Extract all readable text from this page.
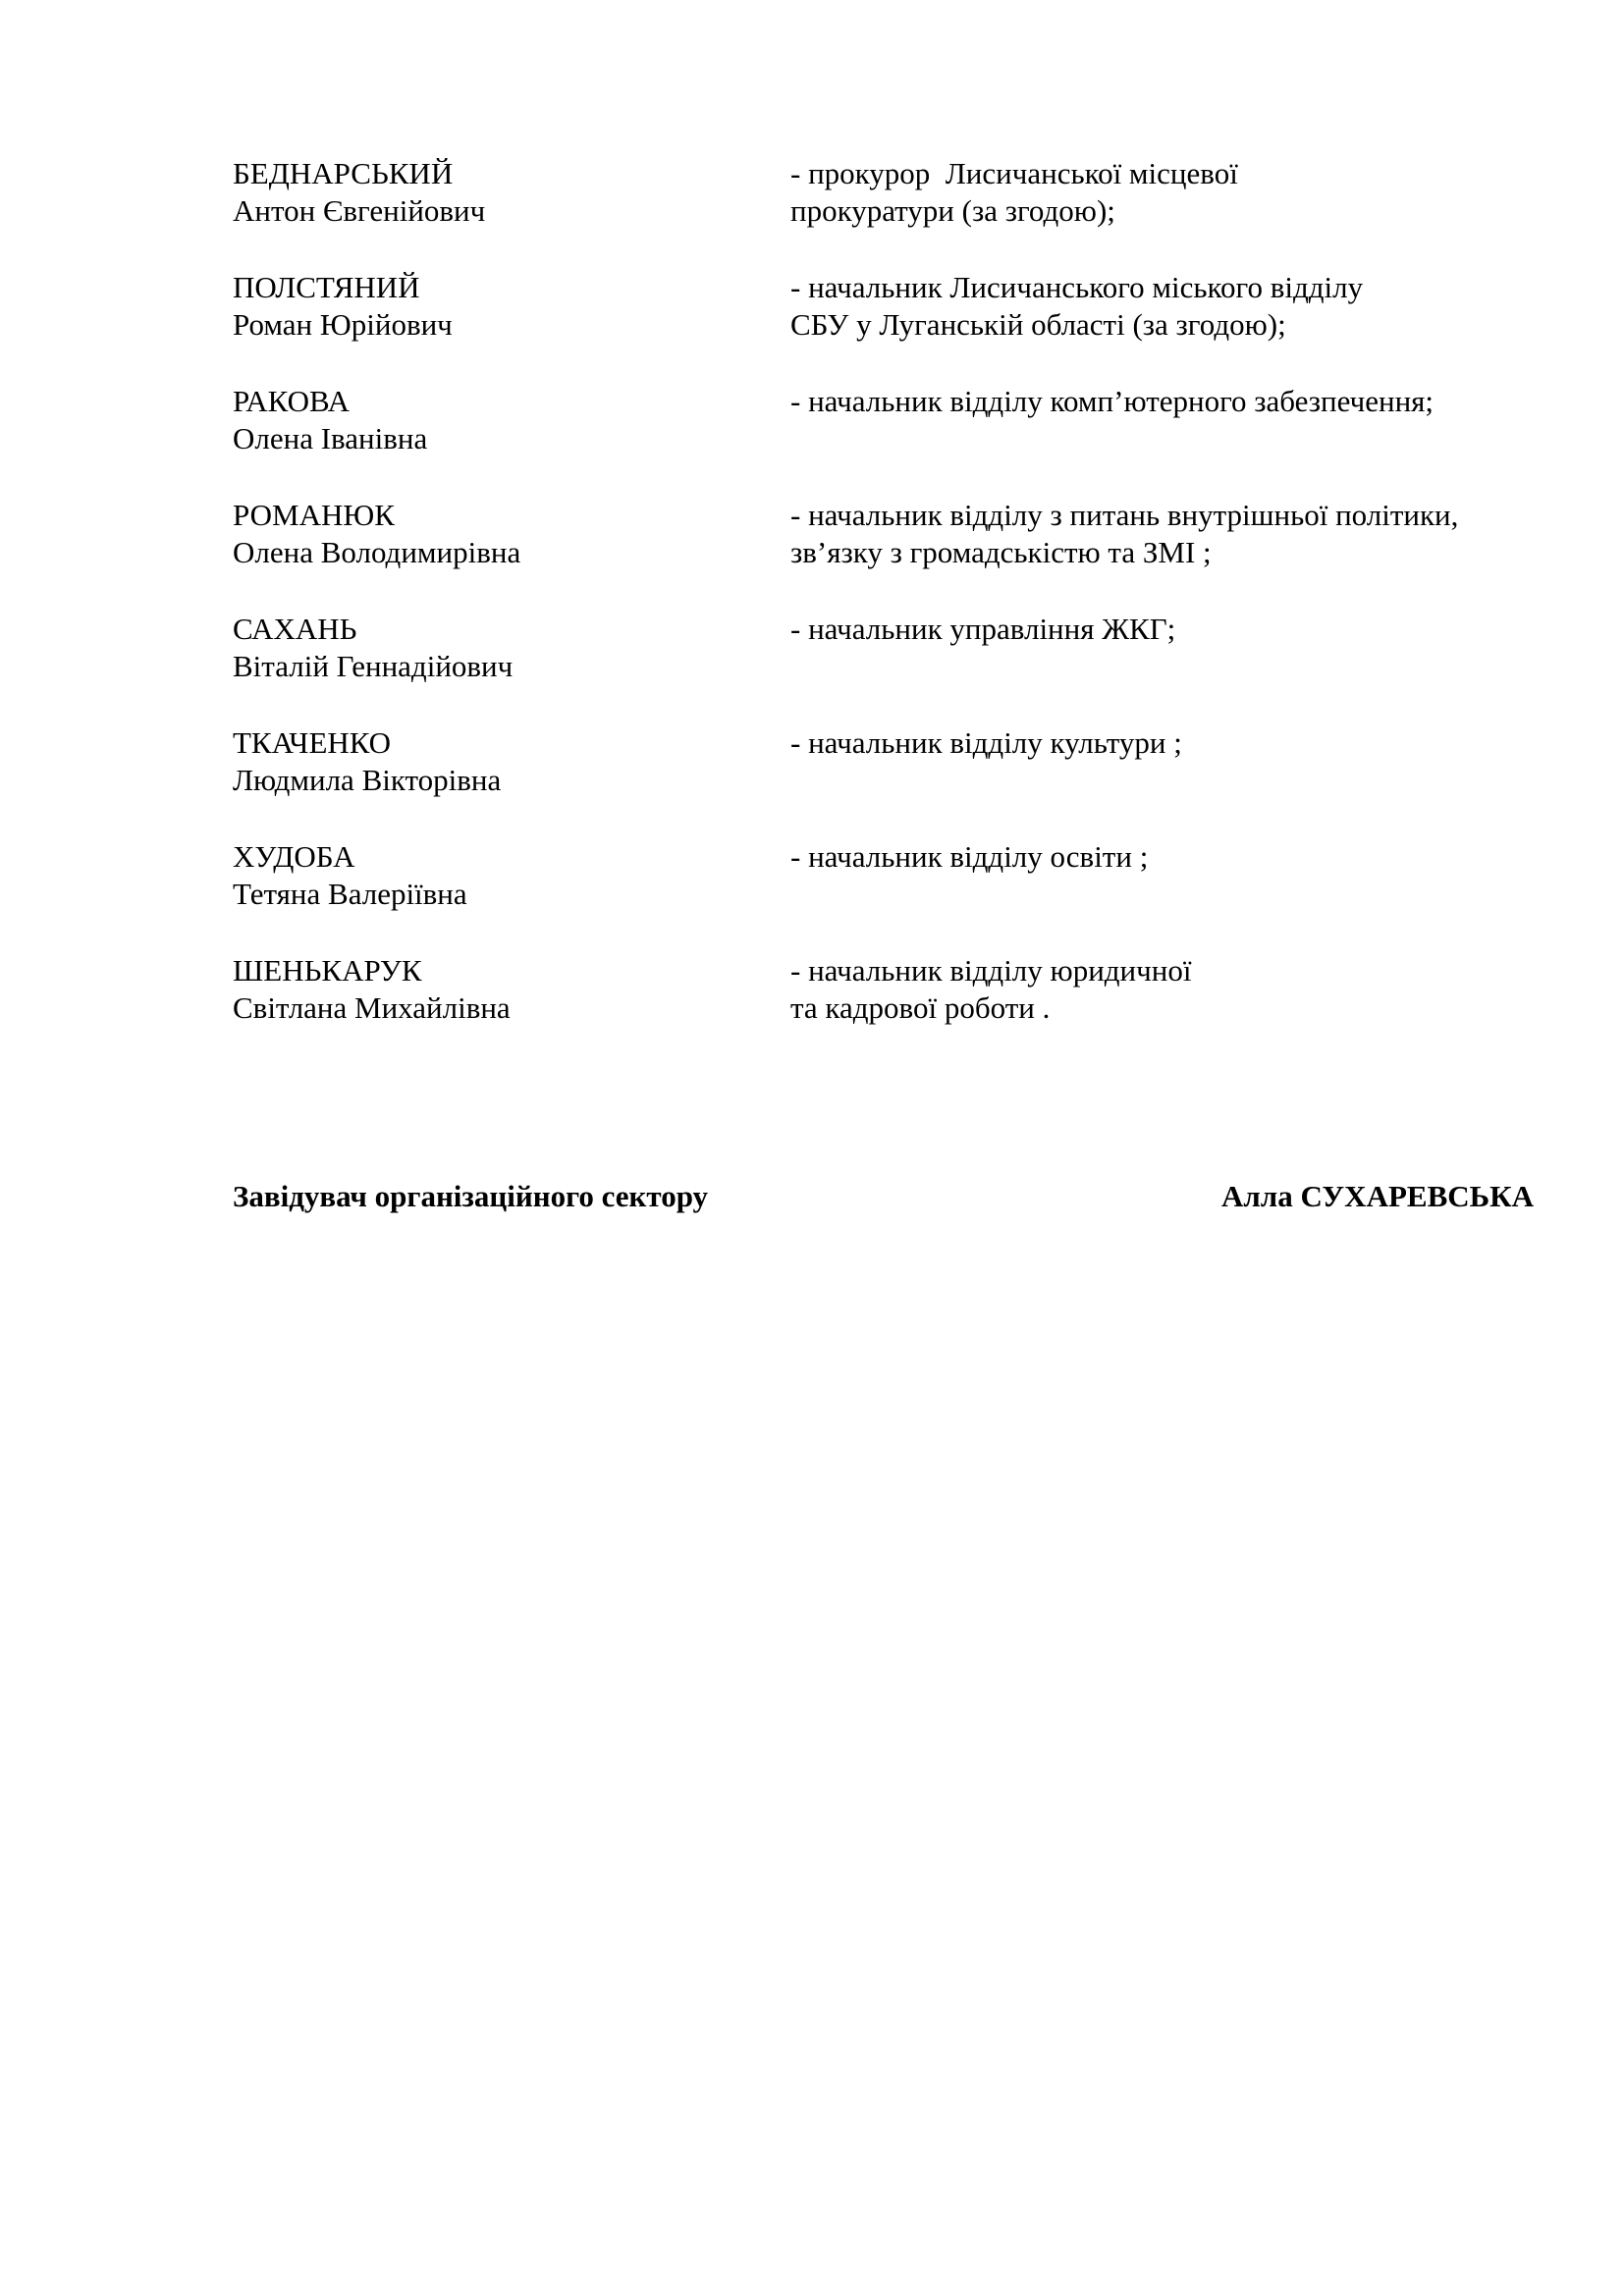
БЕДНАРСЬКИЙ
Антон Євгенійович
- прокурор  Лисичанської місцевої
прокуратури (за згодою);
ПОЛСТЯНИЙ
Роман Юрійович
- начальник Лисичанського міського відділу
СБУ у Луганській області (за згодою);
РАКОВА
Олена Іванівна
- начальник відділу комп’ютерного забезпечення;
РОМАНЮК
Олена Володимирівна
- начальник відділу з питань внутрішньої політики,
зв’язку з громадськістю та ЗМІ ;
САХАНЬ
Віталій Геннадійович
- начальник управління ЖКГ;
ТКАЧЕНКО
Людмила Вікторівна
- начальник відділу культури ;
ХУДОБА
Тетяна Валеріївна
- начальник відділу освіти ;
ШЕНЬКАРУК
Світлана Михайлівна
- начальник відділу юридичної
та кадрової роботи .
Завідувач організаційного сектору	Алла СУХАРЕВСЬКА
